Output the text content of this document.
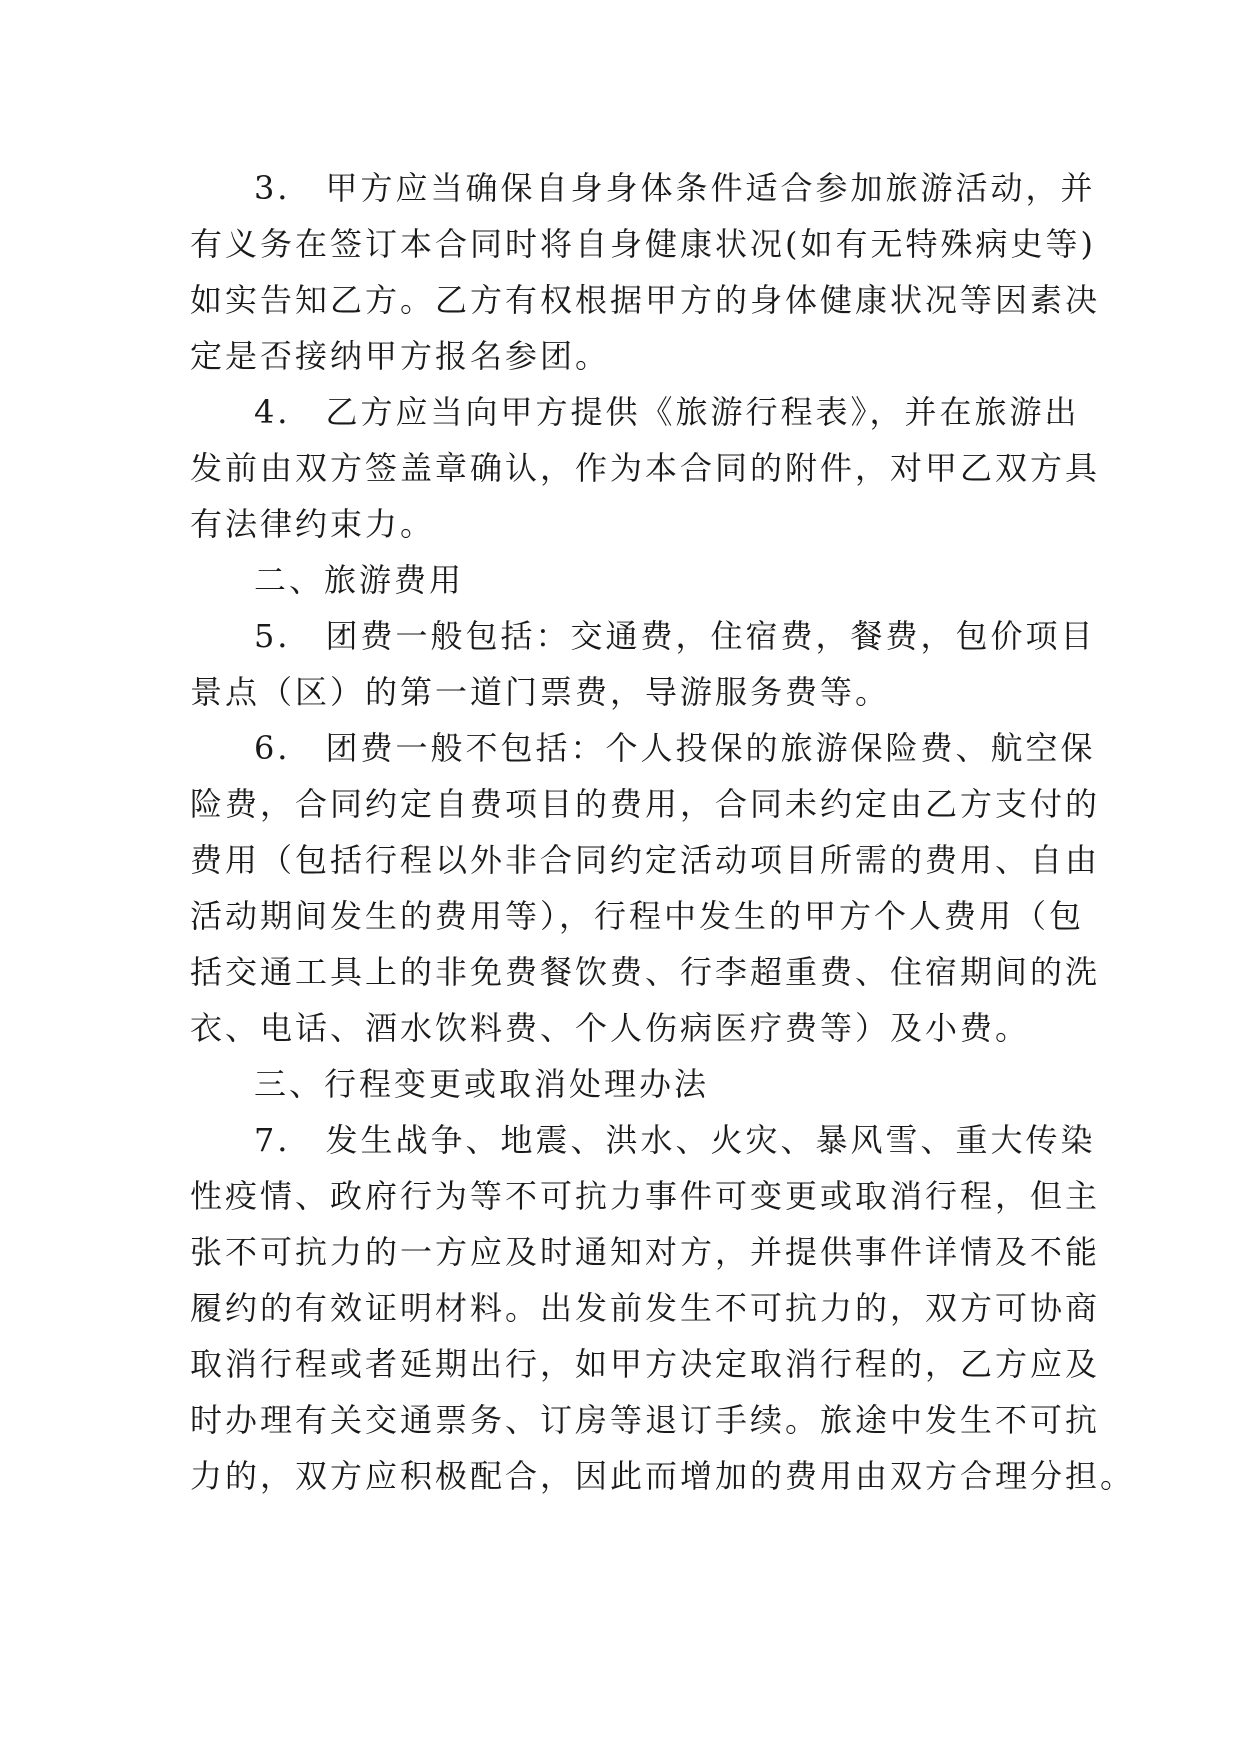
3． 甲方应当确保自身身体条件适合参加旅游活动，并
有义务在签订本合同时将自身健康状况(如有无特殊病史等)
如实告知乙方。乙方有权根据甲方的身体健康状况等因素决
定是否接纳甲方报名参团。
4． 乙方应当向甲方提供《旅游行程表》，并在旅游出
发前由双方签盖章确认，作为本合同的附件，对甲乙双方具
有法律约束力。
二、旅游费用
5． 团费一般包括：交通费，住宿费，餐费，包价项目
景点（区）的第一道门票费，导游服务费等。
6． 团费一般不包括：个人投保的旅游保险费、航空保
险费，合同约定自费项目的费用，合同未约定由乙方支付的
费用（包括行程以外非合同约定活动项目所需的费用、自由
活动期间发生的费用等），行程中发生的甲方个人费用（包
括交通工具上的非免费餐饮费、行李超重费、住宿期间的洗
衣、电话、酒水饮料费、个人伤病医疗费等）及小费。
三、行程变更或取消处理办法
7． 发生战争、地震、洪水、火灾、暴风雪、重大传染
性疫情、政府行为等不可抗力事件可变更或取消行程，但主
张不可抗力的一方应及时通知对方，并提供事件详情及不能
履约的有效证明材料。出发前发生不可抗力的，双方可协商
取消行程或者延期出行，如甲方决定取消行程的，乙方应及
时办理有关交通票务、订房等退订手续。旅途中发生不可抗
力的，双方应积极配合，因此而增加的费用由双方合理分担。
